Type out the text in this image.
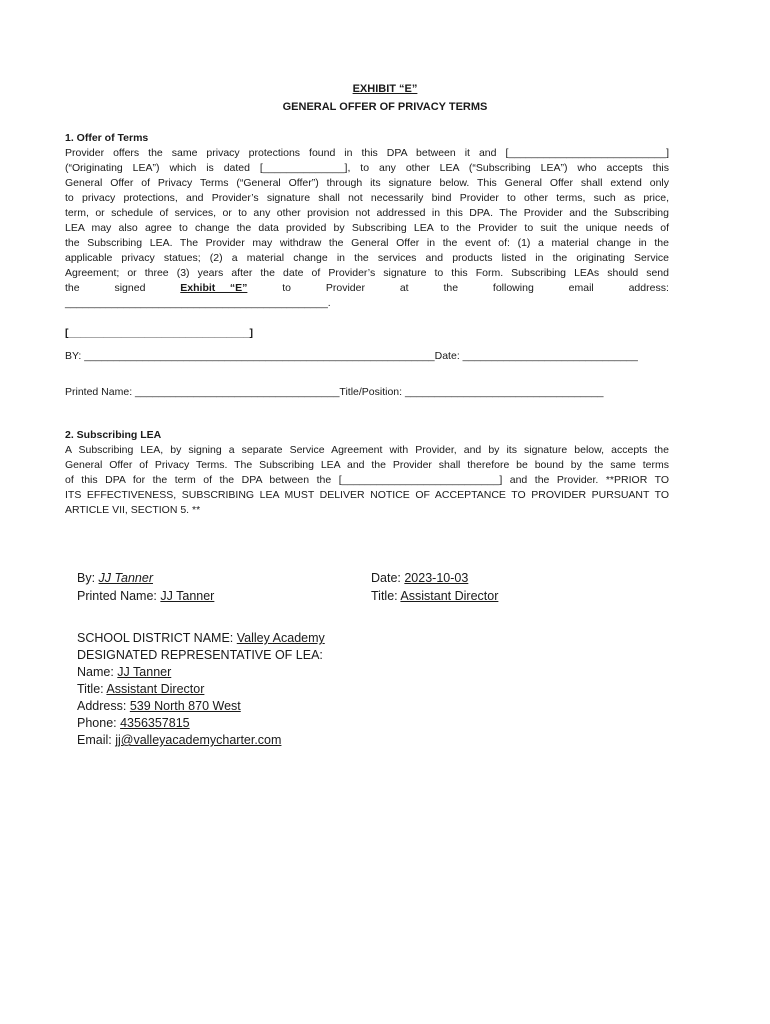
EXHIBIT “E”
GENERAL OFFER OF PRIVACY TERMS
1. Offer of Terms
Provider offers the same privacy protections found in this DPA between it and [___________________________]
(“Originating LEA”) which is dated [______________], to any other LEA (“Subscribing LEA”) who accepts this
General Offer of Privacy Terms (“General Offer”) through its signature below. This General Offer shall extend only
to privacy protections, and Provider’s signature shall not necessarily bind Provider to other terms, such as price,
term, or schedule of services, or to any other provision not addressed in this DPA. The Provider and the Subscribing
LEA may also agree to change the data provided by Subscribing LEA to the Provider to suit the unique needs of
the Subscribing LEA. The Provider may withdraw the General Offer in the event of: (1) a material change in the
applicable privacy statues; (2) a material change in the services and products listed in the originating Service
Agreement; or three (3) years after the date of Provider’s signature to this Form. Subscribing LEAs should send
the	signed	Exhibit     “E”	to	Provider	at	the	following	email	address:
_____________________________________________.
[_______________________________]
BY: ____________________________________________________________Date: ______________________________
Printed Name: ___________________________________Title/Position: __________________________________
2. Subscribing LEA
A Subscribing LEA, by signing a separate Service Agreement with Provider, and by its signature below, accepts the
General Offer of Privacy Terms. The Subscribing LEA and the Provider shall therefore be bound by the same terms
of this DPA for the term of the DPA between the [___________________________] and the Provider. **PRIOR TO
ITS EFFECTIVENESS, SUBSCRIBING LEA MUST DELIVER NOTICE OF ACCEPTANCE TO PROVIDER PURSUANT TO
ARTICLE VII, SECTION 5. **
By: JJ Tanner	Date: 2023-10-03
Printed Name: JJ Tanner	Title: Assistant Director
SCHOOL DISTRICT NAME: Valley Academy
DESIGNATED REPRESENTATIVE OF LEA:
Name: JJ Tanner
Title: Assistant Director
Address: 539 North 870 West
Phone: 4356357815
Email: jj@valleyacademycharter.com
